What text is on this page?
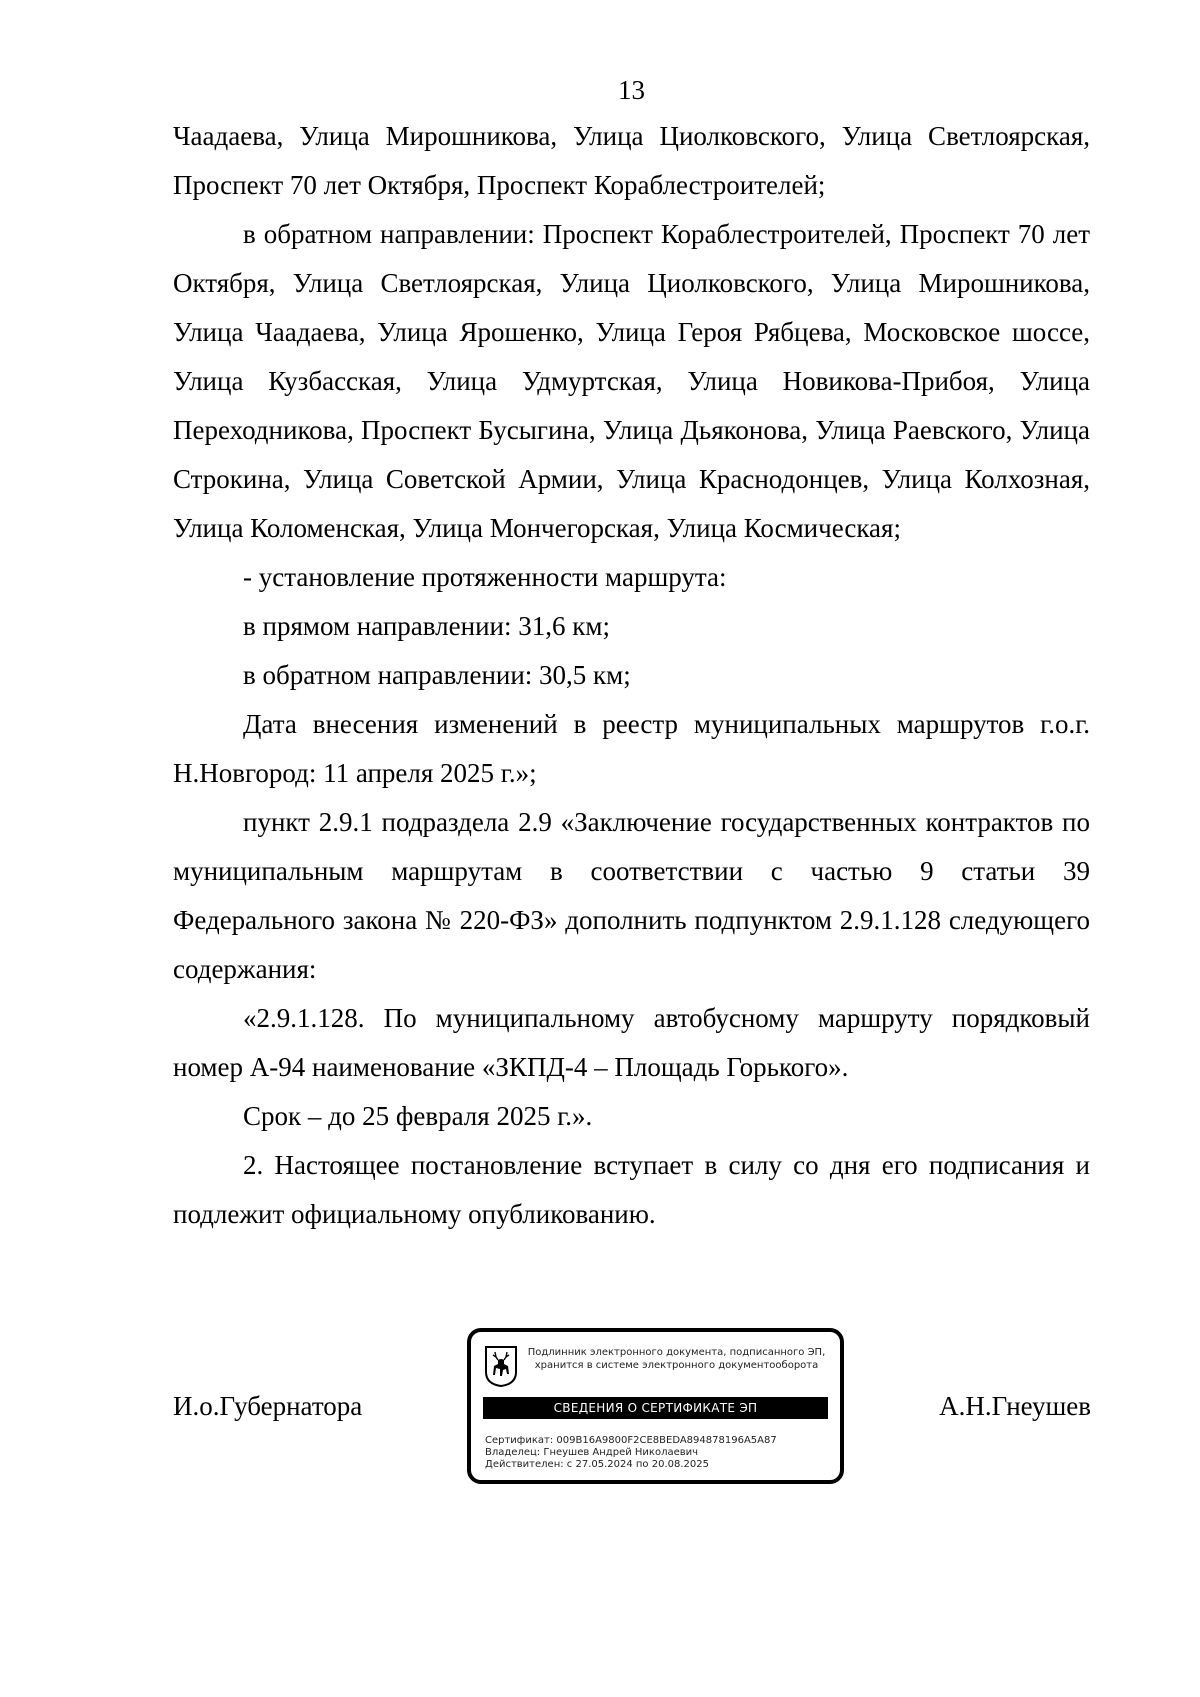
13

Чаадаева, Улица Мирошникова, Улица Циолковского, Улица Светлоярская, Проспект 70 лет Октября, Проспект Кораблестроителей;

в обратном направлении: Проспект Кораблестроителей, Проспект 70 лет Октября, Улица Светлоярская, Улица Циолковского, Улица Мирошникова, Улица Чаадаева, Улица Ярошенко, Улица Героя Рябцева, Московское шоссе, Улица Кузбасская, Улица Удмуртская, Улица Новикова-Прибоя, Улица Переходникова, Проспект Бусыгина, Улица Дьяконова, Улица Раевского, Улица Строкина, Улица Советской Армии, Улица Краснодонцев, Улица Колхозная, Улица Коломенская, Улица Мончегорская, Улица Космическая;

- установление протяженности маршрута:

в прямом направлении: 31,6 км;

в обратном направлении: 30,5 км;

Дата внесения изменений в реестр муниципальных маршрутов г.о.г. Н.Новгород: 11 апреля 2025 г.»;

пункт 2.9.1 подраздела 2.9 «Заключение государственных контрактов по муниципальным маршрутам в соответствии с частью 9 статьи 39 Федерального закона № 220-ФЗ» дополнить подпунктом 2.9.1.128 следующего содержания:

«2.9.1.128. По муниципальному автобусному маршруту порядковый номер А-94 наименование «ЗКПД-4 – Площадь Горького».

Срок – до 25 февраля 2025 г.».

2. Настоящее постановление вступает в силу со дня его подписания и подлежит официальному опубликованию.

И.о.Губернатора	А.Н.Гнеушев
Подлинник электронного документа, подписанного ЭП,
хранится в системе электронного документооборота
СВЕДЕНИЯ О СЕРТИФИКАТЕ ЭП
Сертификат: 009B16A9800F2CE8BEDA894878196A5A87
Владелец: Гнеушев Андрей Николаевич
Действителен: с 27.05.2024 по 20.08.2025
